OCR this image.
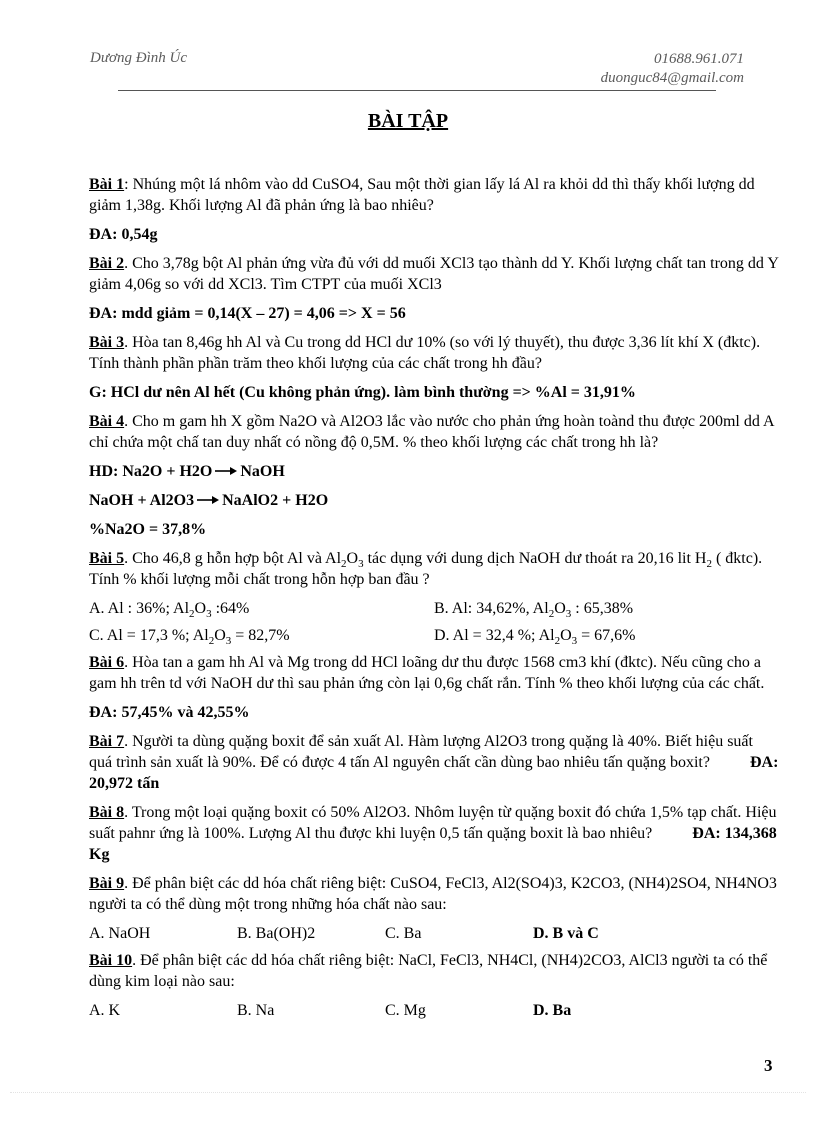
Dương Đình Úc	01688.961.071
duonguc84@gmail.com
BÀI TẬP
Bài 1: Nhúng một lá nhôm vào dd CuSO4, Sau một thời gian lấy lá Al ra khỏi dd thì thấy khối lượng dd giảm 1,38g. Khối lượng Al đã phản ứng là bao nhiêu?
ĐA: 0,54g
Bài 2. Cho 3,78g bột Al phản ứng vừa đủ với dd muối XCl3 tạo thành dd Y. Khối lượng chất tan trong dd Y giảm 4,06g so với dd XCl3. Tìm CTPT của muối XCl3
ĐA: mdd giảm = 0,14(X – 27) = 4,06 => X = 56
Bài 3. Hòa tan 8,46g hh Al và Cu trong dd HCl dư 10% (so với lý thuyết), thu được 3,36 lít khí X (đktc). Tính thành phần phần trăm theo khối lượng của các chất trong hh đầu?
G: HCl dư nên Al hết (Cu không phản ứng). làm bình thường => %Al = 31,91%
Bài 4. Cho m gam hh X gồm Na2O và Al2O3 lắc vào nước cho phản ứng hoàn toànd thu được 200ml dd A chỉ chứa một chấ tan duy nhất có nồng độ 0,5M. % theo khối lượng các chất trong hh là?
HD: Na2O + H2O NaOH
NaOH + Al2O3 NaAlO2 + H2O
%Na2O = 37,8%
Bài 5. Cho 46,8 g hỗn hợp bột Al và $Al_2O_3$ tác dụng với dung dịch NaOH dư thoát ra 20,16 lit $H_2$ ( đktc). Tính % khối lượng mỗi chất trong hỗn hợp ban đầu ?
A. Al : 36%; $Al_2O_3$ :64%	B. Al: 34,62%, $Al_2O_3$ : 65,38%
C. Al = 17,3 %; $Al_2O_3 = 82,7\%$	D. Al = 32,4 %; $Al_2O_3 = 67,6\%$
Bài 6. Hòa tan a gam hh Al và Mg trong dd HCl loãng dư thu được 1568 cm3 khí (đktc). Nếu cũng cho a gam hh trên td với NaOH dư thì sau phản ứng còn lại 0,6g chất rắn. Tính % theo khối lượng của các chất.
ĐA: 57,45% và 42,55%
Bài 7. Người ta dùng quặng boxit để sản xuất Al. Hàm lượng Al2O3 trong quặng là 40%. Biết hiệu suất quá trình sản xuất là 90%. Để có được 4 tấn Al nguyên chất cần dùng bao nhiêu tấn quặng boxit?	ĐA: 20,972 tấn
Bài 8. Trong một loại quặng boxit có 50% Al2O3. Nhôm luyện từ quặng boxit đó chứa 1,5% tạp chất. Hiệu suất pahnr ứng là 100%. Lượng Al thu được khi luyện 0,5 tấn quặng boxit là bao nhiêu?	ĐA: 134,368 Kg
Bài 9. Để phân biệt các dd hóa chất riêng biệt: CuSO4, FeCl3, Al2(SO4)3, K2CO3, (NH4)2SO4, NH4NO3 người ta có thể dùng một trong những hóa chất nào sau:
A. NaOH	B. Ba(OH)2	C. Ba	D. B và C
Bài 10. Để phân biệt các dd hóa chất riêng biệt: NaCl, FeCl3, NH4Cl, (NH4)2CO3, AlCl3 người ta có thể dùng kim loại nào sau:
A. K	B. Na	C. Mg	D. Ba
3
